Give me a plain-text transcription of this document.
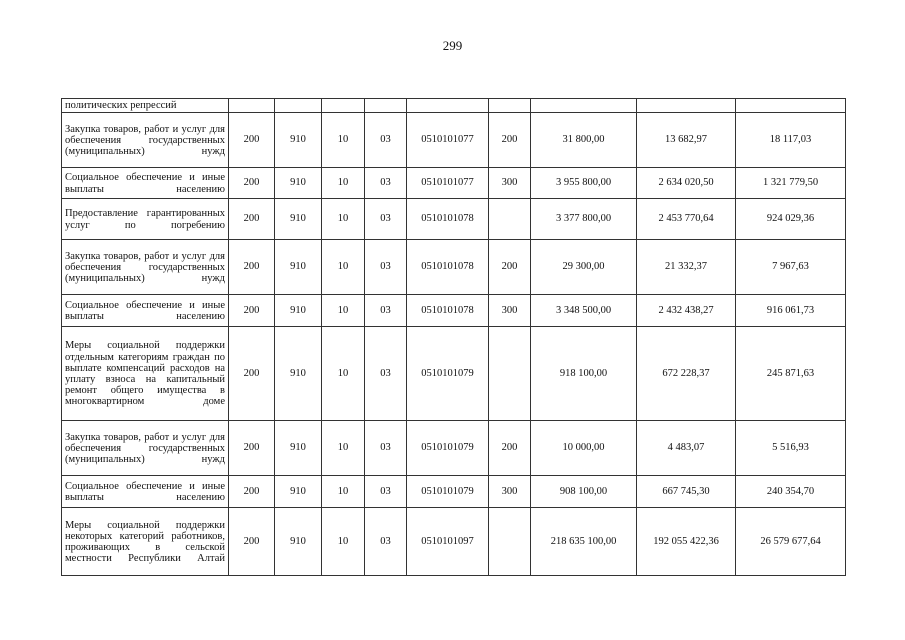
299
политических репрессий									
Закупка товаров, работ и услуг для обеспечения государственных (муниципальных) нужд	200	910	10	03	0510101077	200	31 800,00	13 682,97	18 117,03
Социальное обеспечение и иные выплаты населению	200	910	10	03	0510101077	300	3 955 800,00	2 634 020,50	1 321 779,50
Предоставление гарантированных услуг по погребению	200	910	10	03	0510101078		3 377 800,00	2 453 770,64	924 029,36
Закупка товаров, работ и услуг для обеспечения государственных (муниципальных) нужд	200	910	10	03	0510101078	200	29 300,00	21 332,37	7 967,63
Социальное обеспечение и иные выплаты населению	200	910	10	03	0510101078	300	3 348 500,00	2 432 438,27	916 061,73
Меры социальной поддержки отдельным категориям граждан по выплате компенсаций расходов на уплату взноса на капитальный ремонт общего имущества в многоквартирном доме	200	910	10	03	0510101079		918 100,00	672 228,37	245 871,63
Закупка товаров, работ и услуг для обеспечения государственных (муниципальных) нужд	200	910	10	03	0510101079	200	10 000,00	4 483,07	5 516,93
Социальное обеспечение и иные выплаты населению	200	910	10	03	0510101079	300	908 100,00	667 745,30	240 354,70
Меры социальной поддержки некоторых категорий работников, проживающих в сельской местности Республики Алтай	200	910	10	03	0510101097		218 635 100,00	192 055 422,36	26 579 677,64
